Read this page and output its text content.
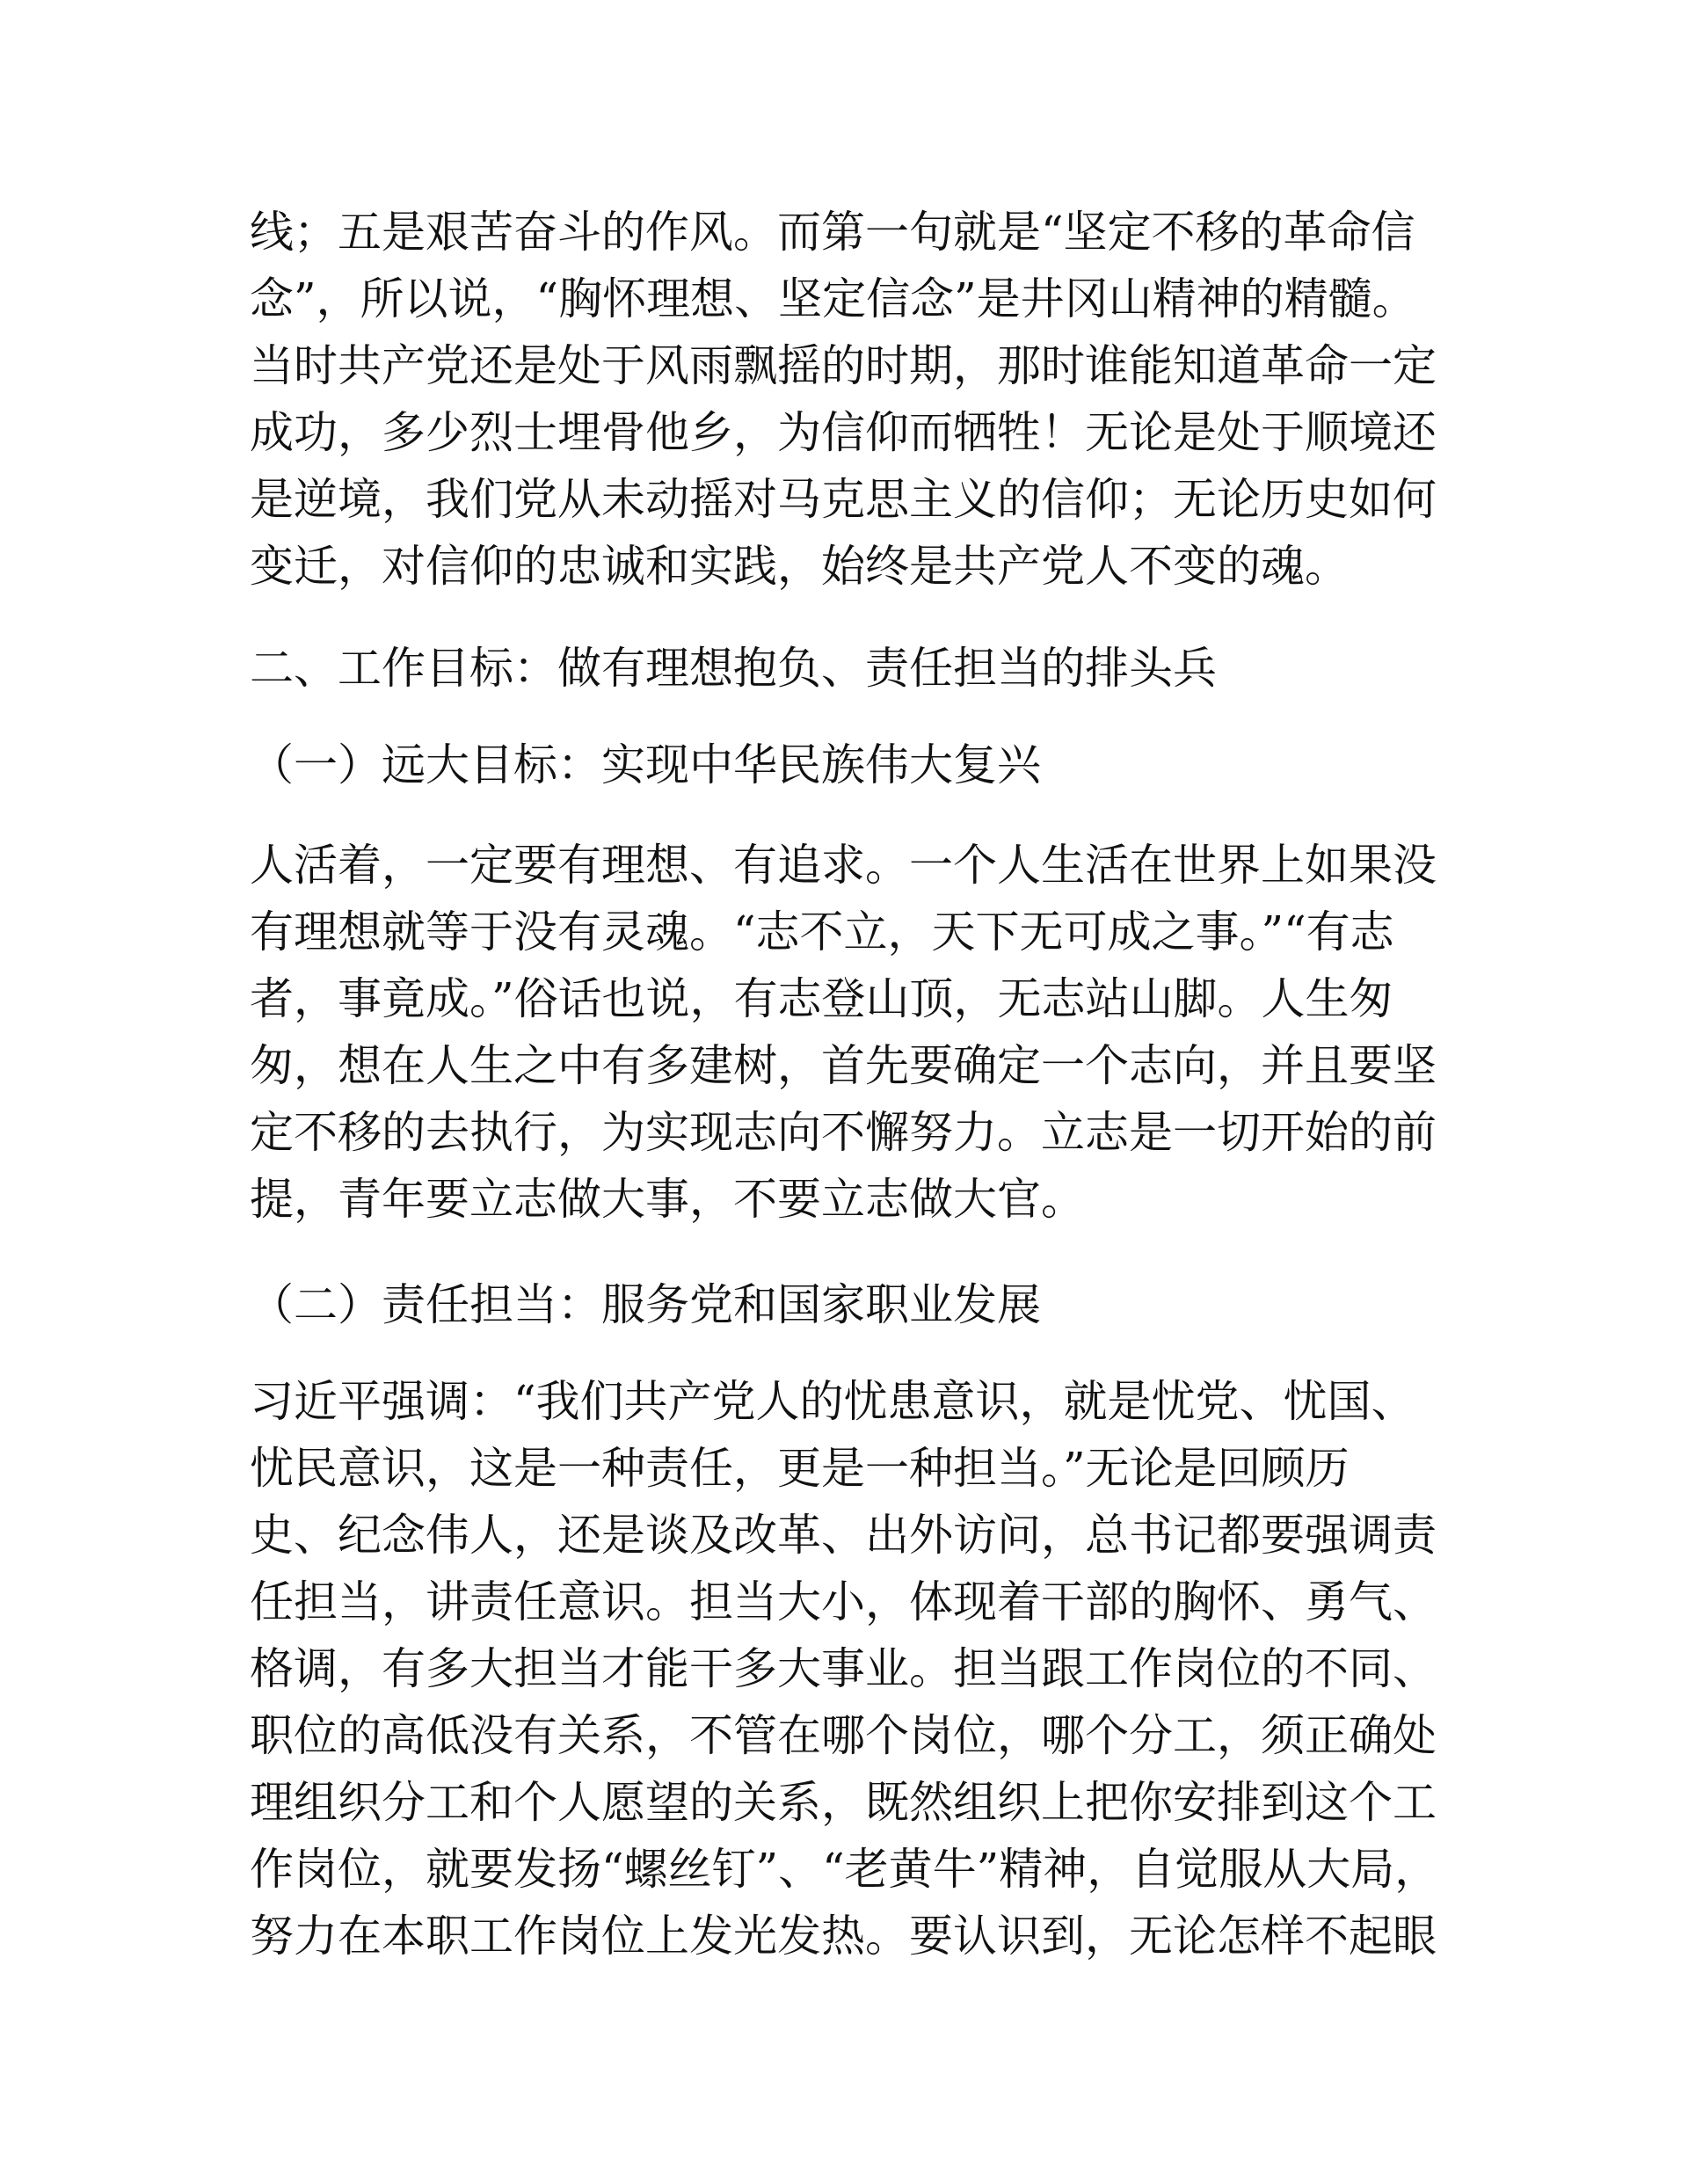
线；五是艰苦奋斗的作风。而第一句就是“坚定不移的革命信
念”，所以说，“胸怀理想、坚定信念”是井冈山精神的精髓。
当时共产党还是处于风雨飘摇的时期，那时谁能知道革命一定
成功，多少烈士埋骨他乡，为信仰而牺牲！无论是处于顺境还
是逆境，我们党从未动摇对马克思主义的信仰；无论历史如何
变迁，对信仰的忠诚和实践，始终是共产党人不变的魂。
二、工作目标：做有理想抱负、责任担当的排头兵
（一）远大目标：实现中华民族伟大复兴
人活着，一定要有理想、有追求。一个人生活在世界上如果没
有理想就等于没有灵魂。“志不立，天下无可成之事。”“有志
者，事竟成。”俗话也说，有志登山顶，无志站山脚。人生匆
匆，想在人生之中有多建树，首先要确定一个志向，并且要坚
定不移的去执行，为实现志向不懈努力。立志是一切开始的前
提，青年要立志做大事，不要立志做大官。
（二）责任担当：服务党和国家职业发展
习近平强调：“我们共产党人的忧患意识，就是忧党、忧国、
忧民意识，这是一种责任，更是一种担当。”无论是回顾历
史、纪念伟人，还是谈及改革、出外访问，总书记都要强调责
任担当，讲责任意识。担当大小，体现着干部的胸怀、勇气、
格调，有多大担当才能干多大事业。担当跟工作岗位的不同、
职位的高低没有关系，不管在哪个岗位，哪个分工，须正确处
理组织分工和个人愿望的关系，既然组织上把你安排到这个工
作岗位，就要发扬“螺丝钉”、“老黄牛”精神，自觉服从大局，
努力在本职工作岗位上发光发热。要认识到，无论怎样不起眼
